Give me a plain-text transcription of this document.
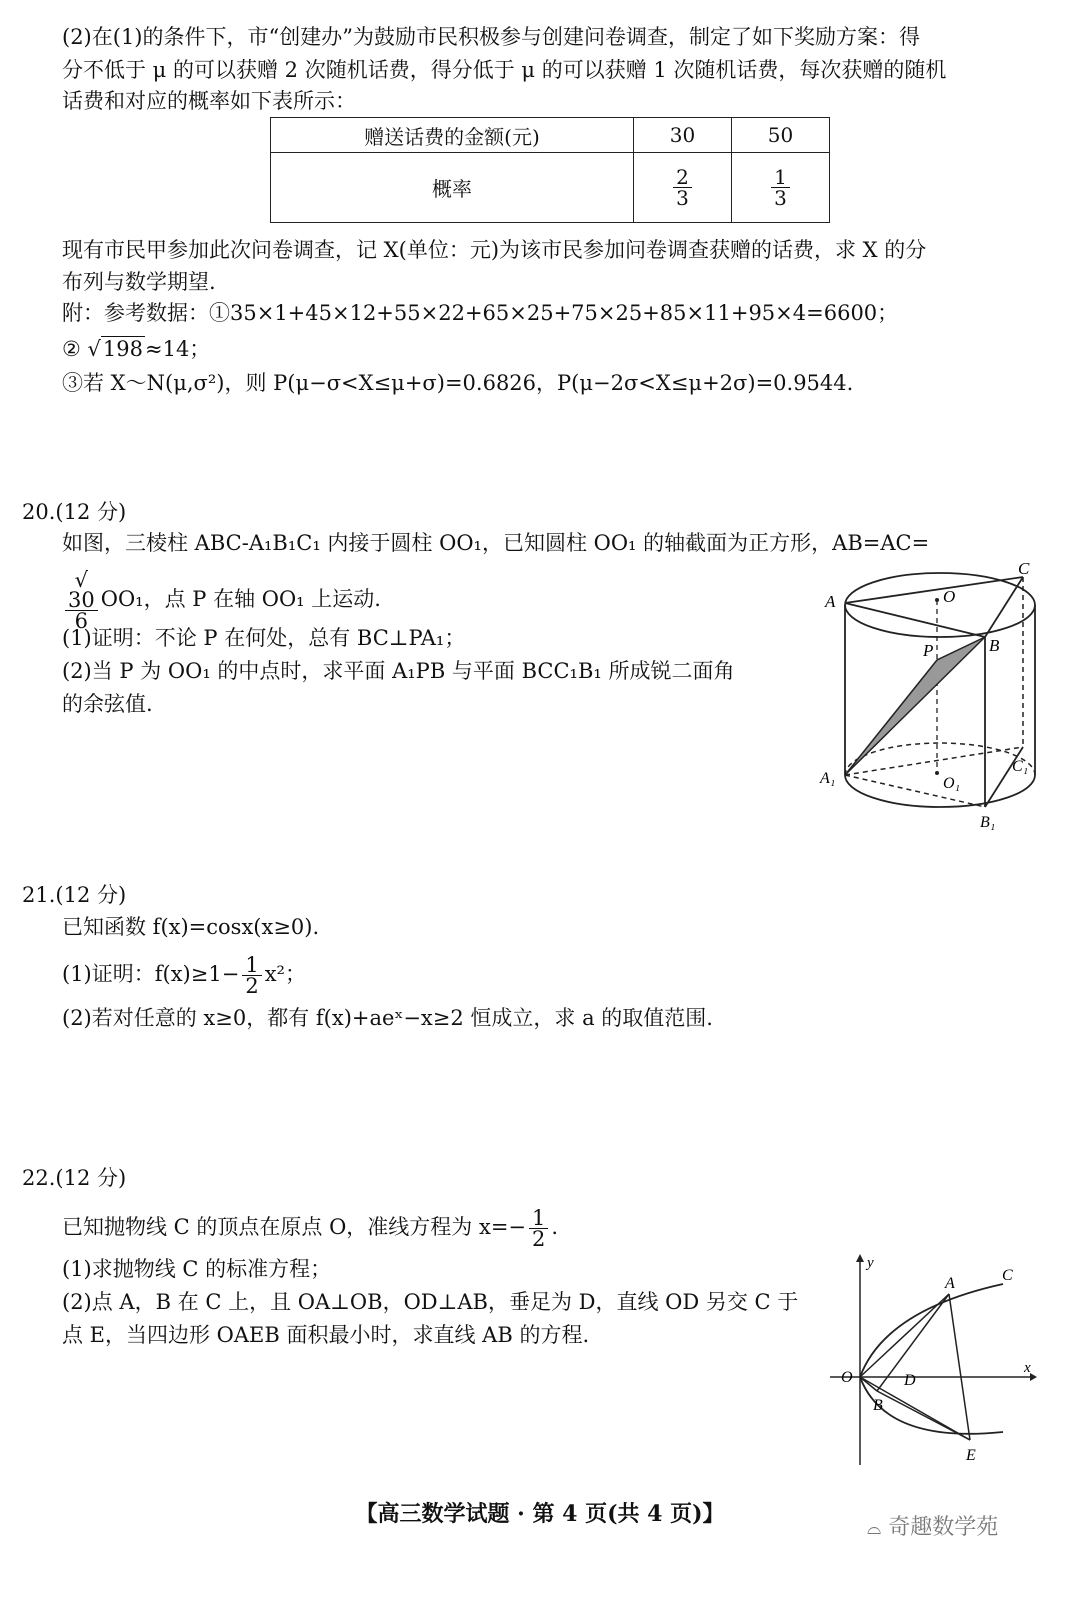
(2)在(1)的条件下，市“创建办”为鼓励市民积极参与创建问卷调查，制定了如下奖励方案：得
分不低于 μ 的可以获赠 2 次随机话费，得分低于 μ 的可以获赠 1 次随机话费，每次获赠的随机
话费和对应的概率如下表所示：
赠送话费的金额(元)	30	50
概率	$\frac{2}{3}$	$\frac{1}{3}$
现有市民甲参加此次问卷调查，记 X(单位：元)为该市民参加问卷调查获赠的话费，求 X 的分
布列与数学期望.
附：参考数据：①35×1+45×12+55×22+65×25+75×25+85×11+95×4=6600；
② √198≈14；
③若 X～N(μ,σ²)，则 P(μ−σ<X≤μ+σ)=0.6826，P(μ−2σ<X≤μ+2σ)=0.9544.
20.(12 分)
如图，三棱柱 ABC-A₁B₁C₁ 内接于圆柱 OO₁，已知圆柱 OO₁ 的轴截面为正方形，AB=AC=
√
30
6 OO₁，点 P 在轴 OO₁ 上运动.
(1)证明：不论 P 在何处，总有 BC⊥PA₁；
(2)当 P 为 OO₁ 的中点时，求平面 A₁PB 与平面 BCC₁B₁ 所成锐二面角
的余弦值.
A
B
C
O
P
A₁
B₁
C₁
O₁
21.(12 分)
已知函数 f(x)=cosx(x≥0).
(1)证明：$f(x)\ge 1- \frac{1}{2} x^2$；
(2)若对任意的 x≥0，都有 f(x)+aeˣ−x≥2 恒成立，求 a 的取值范围.
22.(12 分)
已知抛物线 C 的顶点在原点 O，准线方程为 $x=- \frac{1}{2}$ .
(1)求抛物线 C 的标准方程；
(2)点 A，B 在 C 上，且 OA⊥OB，OD⊥AB，垂足为 D，直线 OD 另交 C 于
点 E，当四边形 OAEB 面积最小时，求直线 AB 的方程.
y
x
O
A	C
D
B
E
【高三数学试题 · 第 4 页(共 4 页)】
⌓ 奇趣数学苑
